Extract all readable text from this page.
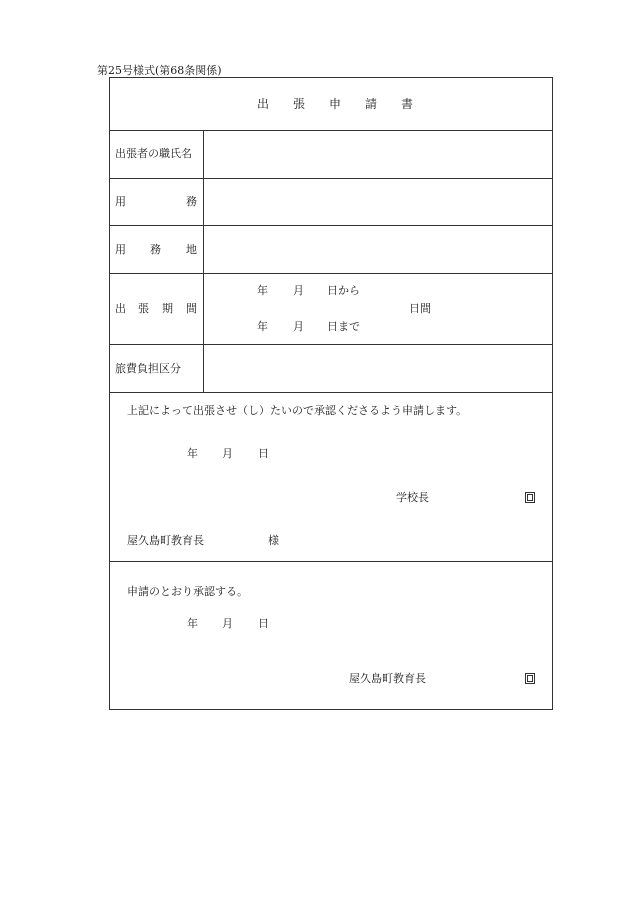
第25号様式(第68条関係)
出 張 申 請 書
出張者の職氏名
用	務
用 務 地
出 張 期 間
年 月 日から
日間
年 月 日まで
旅費負担区分
上記によって出張させ（し）たいので承認くださるよう申請します。
年 月 日
学校長
屋久島町教育長	様
申請のとおり承認する。
年 月 日
屋久島町教育長
